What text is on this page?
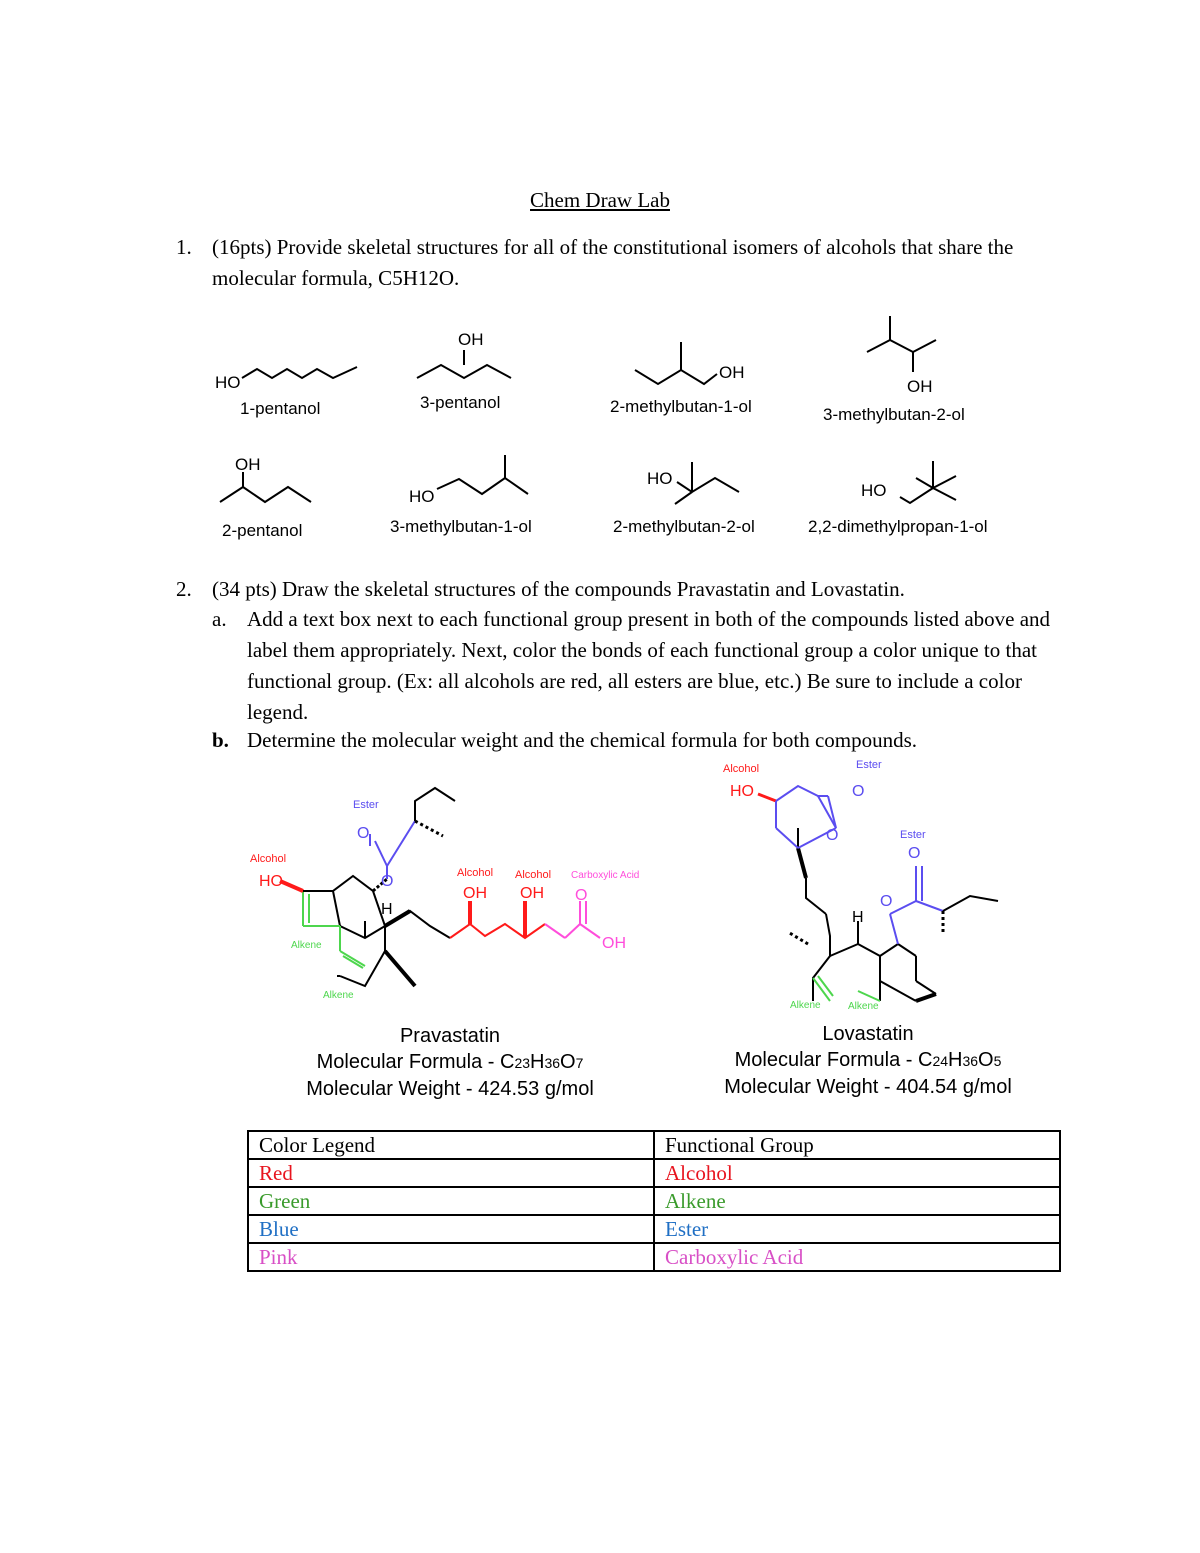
Chem Draw Lab
1. (16pts) Provide skeletal structures for all of the constitutional isomers of alcohols that share the molecular formula, C5H12O.
HO
OH
OH
OH
OH
HO
HO
HO
1-pentanol	3-pentanol	2-methylbutan-1-ol	3-methylbutan-2-ol
2-pentanol	3-methylbutan-1-ol	2-methylbutan-2-ol	2,2-dimethylpropan-1-ol
2. (34 pts) Draw the skeletal structures of the compounds Pravastatin and Lovastatin.
a. Add a text box next to each functional group present in both of the compounds listed above and label them appropriately. Next, color the bonds of each functional group a color unique to that functional group. (Ex: all alcohols are red, all esters are blue, etc.) Be sure to include a color legend.
b. Determine the molecular weight and the chemical formula for both compounds.
Ester
O
Alcohol
HO	O
H
Alkene
Alkene
Alcohol
OH
Alcohol
OH
Carboxylic Acid
O
OH
Pravastatin
Molecular Formula - C23H36O7
Molecular Weight - 424.53 g/mol
Alcohol
HO
Ester
O
O	Ester
O
O
H
Alkene	Alkene
Lovastatin
Molecular Formula - C24H36O5
Molecular Weight - 404.54 g/mol
Color Legend	Functional Group
Red	Alcohol
Green	Alkene
Blue	Ester
Pink	Carboxylic Acid
